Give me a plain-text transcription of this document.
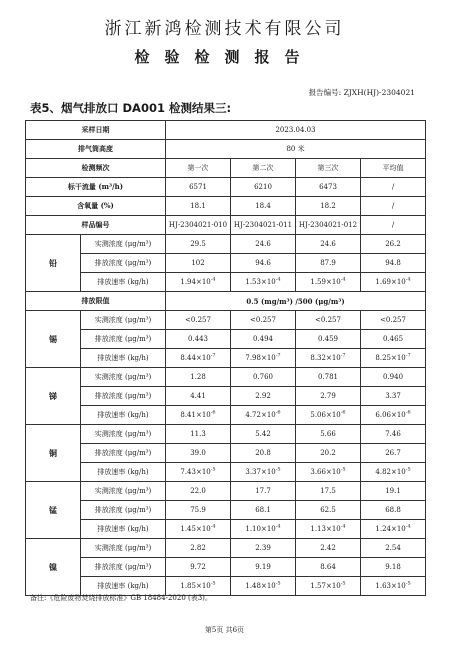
浙江新鸿检测技术有限公司
检验检测报告
报告编号: ZJXH(HJ)-2304021
表5、烟气排放口 DA001 检测结果三:
采样日期		2023.04.03			
排气筒高度		80 米			
检测频次		第一次	第二次	第三次	平均值
标干流量 (m³/h)		6571	6210	6473	/
含氧量 (%)		18.1	18.4	18.2	/
样品编号		HJ-2304021-010	HJ-2304021-011	HJ-2304021-012	/
铅	实测浓度 (μg/m³)	29.5	24.6	24.6	26.2
	排放浓度 (μg/m³)	102	94.6	87.9	94.8
	排放速率 (kg/h)	$1.94\times 10^{-4}$	$1.53\times 10^{-4}$	$1.59\times 10^{-4}$	$1.69\times 10^{-4}$
排放限值		0.5 (mg/m³) /500 (μg/m³)			
锡	实测浓度 (μg/m³)	<0.257	<0.257	<0.257	<0.257
	排放浓度 (μg/m³)	0.443	0.494	0.459	0.465
	排放速率 (kg/h)	$8.44\times 10^{-7}$	$7.98\times 10^{-7}$	$8.32\times 10^{-7}$	$8.25\times 10^{-7}$
锑	实测浓度 (μg/m³)	1.28	0.760	0.781	0.940
	排放浓度 (μg/m³)	4.41	2.92	2.79	3.37
	排放速率 (kg/h)	$8.41\times 10^{-6}$	$4.72\times 10^{-6}$	$5.06\times 10^{-6}$	$6.06\times 10^{-6}$
铜	实测浓度 (μg/m³)	11.3	5.42	5.66	7.46
	排放浓度 (μg/m³)	39.0	20.8	20.2	26.7
	排放速率 (kg/h)	$7.43\times 10^{-5}$	$3.37\times 10^{-5}$	$3.66\times 10^{-5}$	$4.82\times 10^{-5}$
锰	实测浓度 (μg/m³)	22.0	17.7	17.5	19.1
	排放浓度 (μg/m³)	75.9	68.1	62.5	68.8
	排放速率 (kg/h)	$1.45\times 10^{-4}$	$1.10\times 10^{-4}$	$1.13\times 10^{-4}$	$1.24\times 10^{-4}$
镍	实测浓度 (μg/m³)	2.82	2.39	2.42	2.54
	排放浓度 (μg/m³)	9.72	9.19	8.64	9.18
	排放速率 (kg/h)	$1.85\times 10^{-5}$	$1.48\times 10^{-5}$	$1.57\times 10^{-5}$	$1.63\times 10^{-5}$
备注:《危险废物焚烧排放标准》GB 18484-2020 (表3)。
第5页 共6页
